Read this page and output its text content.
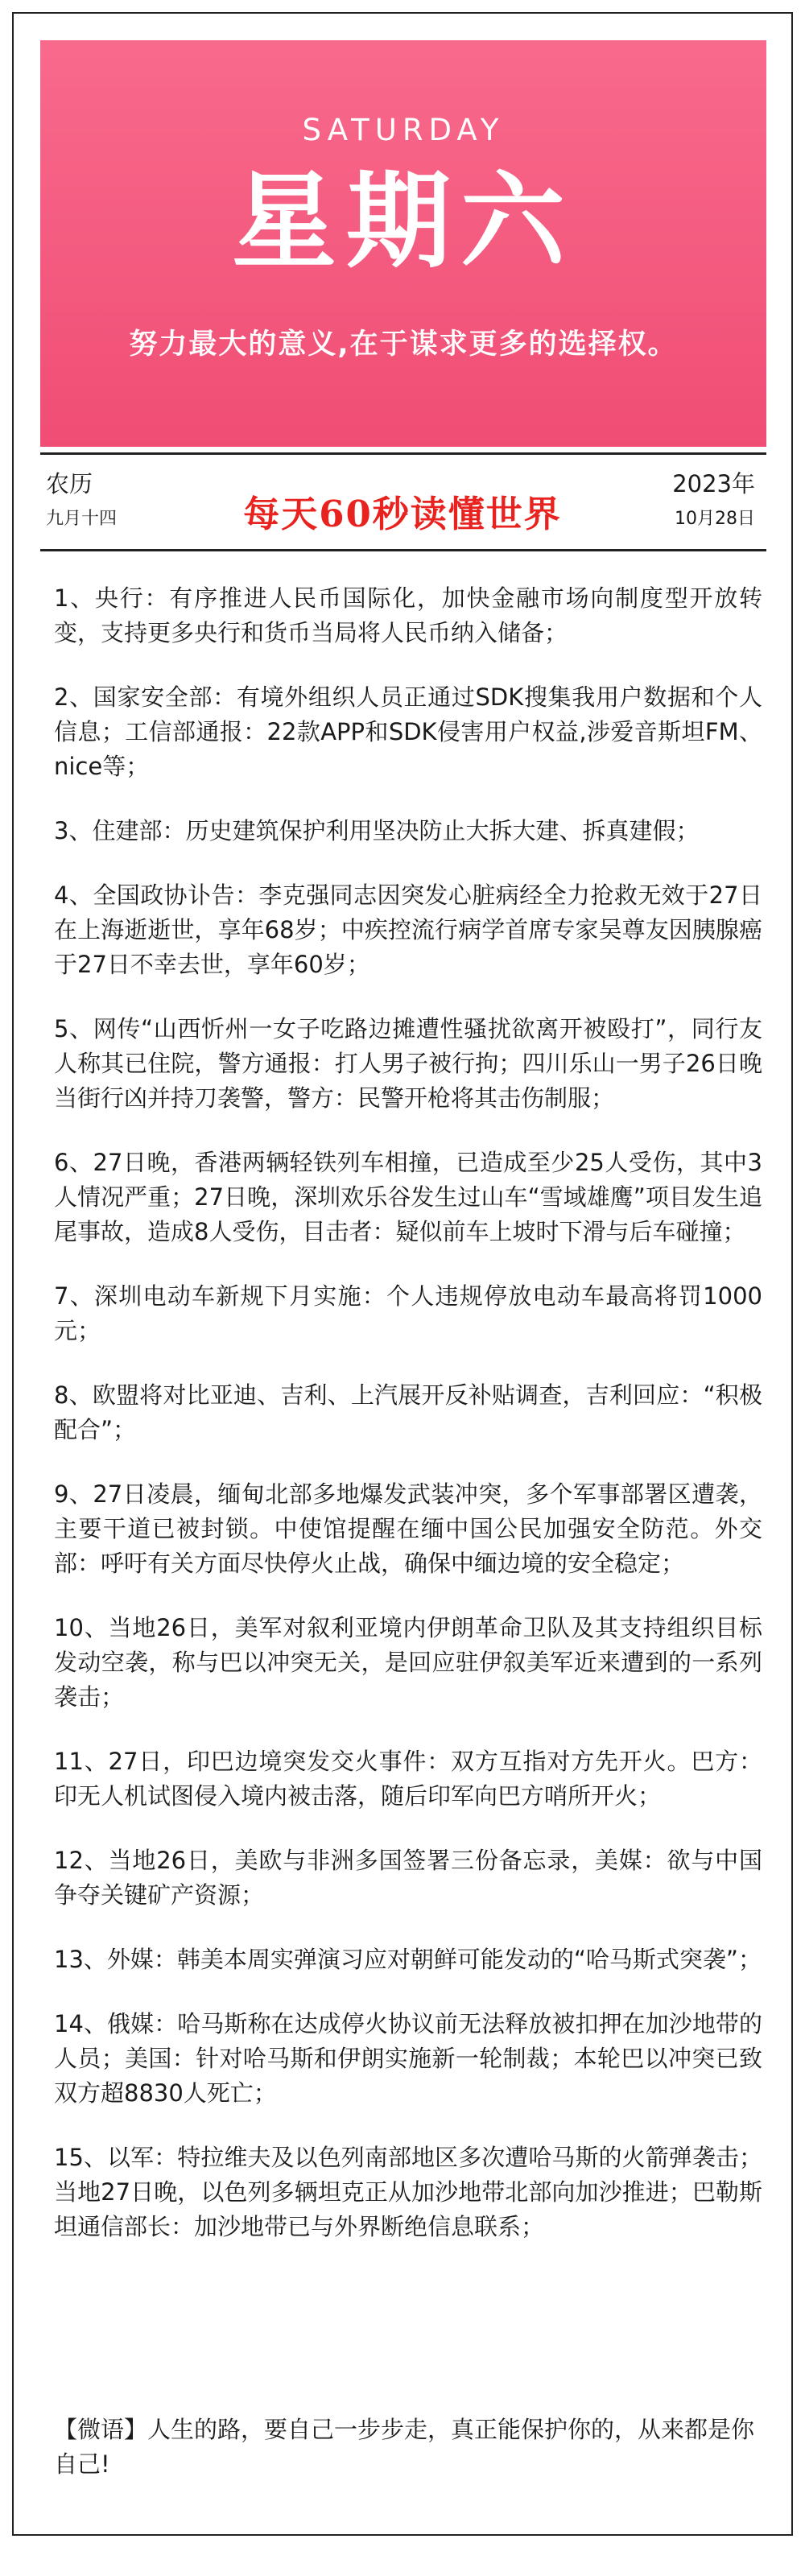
SATURDAY
星期六
努力最大的意义,在于谋求更多的选择权。
农历
九月十四	每天60秒读懂世界
2023年
10月28日
1、央行：有序推进人民币国际化，加快金融市场向制度型开放转变，支持更多央行和货币当局将人民币纳入储备；
2、国家安全部：有境外组织人员正通过SDK搜集我用户数据和个人信息；工信部通报：22款APP和SDK侵害用户权益,涉爱音斯坦FM、nice等；
3、住建部：历史建筑保护利用坚决防止大拆大建、拆真建假；
4、全国政协讣告：李克强同志因突发心脏病经全力抢救无效于27日在上海逝逝世，享年68岁；中疾控流行病学首席专家吴尊友因胰腺癌于27日不幸去世，享年60岁；
5、网传“山西忻州一女子吃路边摊遭性骚扰欲离开被殴打”，同行友人称其已住院，警方通报：打人男子被行拘；四川乐山一男子26日晚当街行凶并持刀袭警，警方：民警开枪将其击伤制服；
6、27日晚，香港两辆轻铁列车相撞，已造成至少25人受伤，其中3人情况严重；27日晚，深圳欢乐谷发生过山车“雪域雄鹰”项目发生追尾事故，造成8人受伤，目击者：疑似前车上坡时下滑与后车碰撞；
7、深圳电动车新规下月实施：个人违规停放电动车最高将罚1000元；
8、欧盟将对比亚迪、吉利、上汽展开反补贴调查，吉利回应：“积极配合”；
9、27日凌晨，缅甸北部多地爆发武装冲突，多个军事部署区遭袭，主要干道已被封锁。中使馆提醒在缅中国公民加强安全防范。外交部：呼吁有关方面尽快停火止战，确保中缅边境的安全稳定；
10、当地26日，美军对叙利亚境内伊朗革命卫队及其支持组织目标发动空袭，称与巴以冲突无关，是回应驻伊叙美军近来遭到的一系列袭击；
11、27日，印巴边境突发交火事件：双方互指对方先开火。巴方：印无人机试图侵入境内被击落，随后印军向巴方哨所开火；
12、当地26日，美欧与非洲多国签署三份备忘录，美媒：欲与中国争夺关键矿产资源；
13、外媒：韩美本周实弹演习应对朝鲜可能发动的“哈马斯式突袭”；
14、俄媒：哈马斯称在达成停火协议前无法释放被扣押在加沙地带的人员；美国：针对哈马斯和伊朗实施新一轮制裁；本轮巴以冲突已致双方超8830人死亡；
15、以军：特拉维夫及以色列南部地区多次遭哈马斯的火箭弹袭击；当地27日晚，以色列多辆坦克正从加沙地带北部向加沙推进；巴勒斯坦通信部长：加沙地带已与外界断绝信息联系；
【微语】人生的路，要自己一步步走，真正能保护你的，从来都是你自己!
